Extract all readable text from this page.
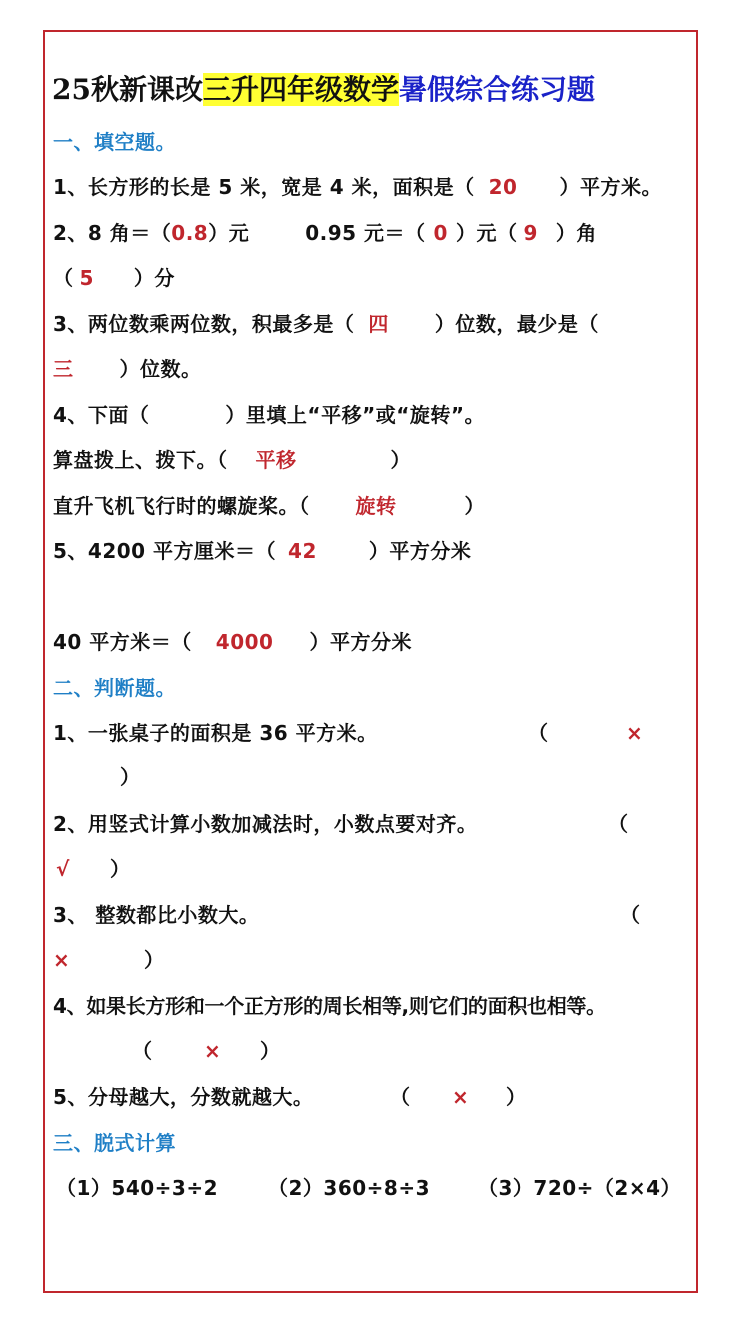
25秋新课改三升四年级数学暑假综合练习题
一、填空题。
1、长方形的长是 5 米，宽是 4 米，面积是（ 20 ）平方米。
2、8 角＝（0.8）元	0.95 元＝（ 0 ）元（ 9 ）角
（ 5 ）分
3、两位数乘两位数，积最多是（ 四 ）位数，最少是（
三 ）位数。
4、下面（	）里填上“平移”或“旋转”。
算盘拨上、拨下。（ 平移	）
直升飞机飞行时的螺旋桨。（ 旋转	）
5、4200 平方厘米＝（ 42	）平方分米
40 平方米＝（ 4000 ）平方分米
二、判断题。
1、一张桌子的面积是 36 平方米。	（	×
）
2、用竖式计算小数加减法时，小数点要对齐。	（
√ ）
3、 整数都比小数大。	（
×	）
4、如果长方形和一个正方形的周长相等,则它们的面积也相等。
（	× ）
5、分母越大，分数就越大。	（ × ）
三、脱式计算
（1）540÷3÷2 （2）360÷8÷3 （3）720÷（2×4）
